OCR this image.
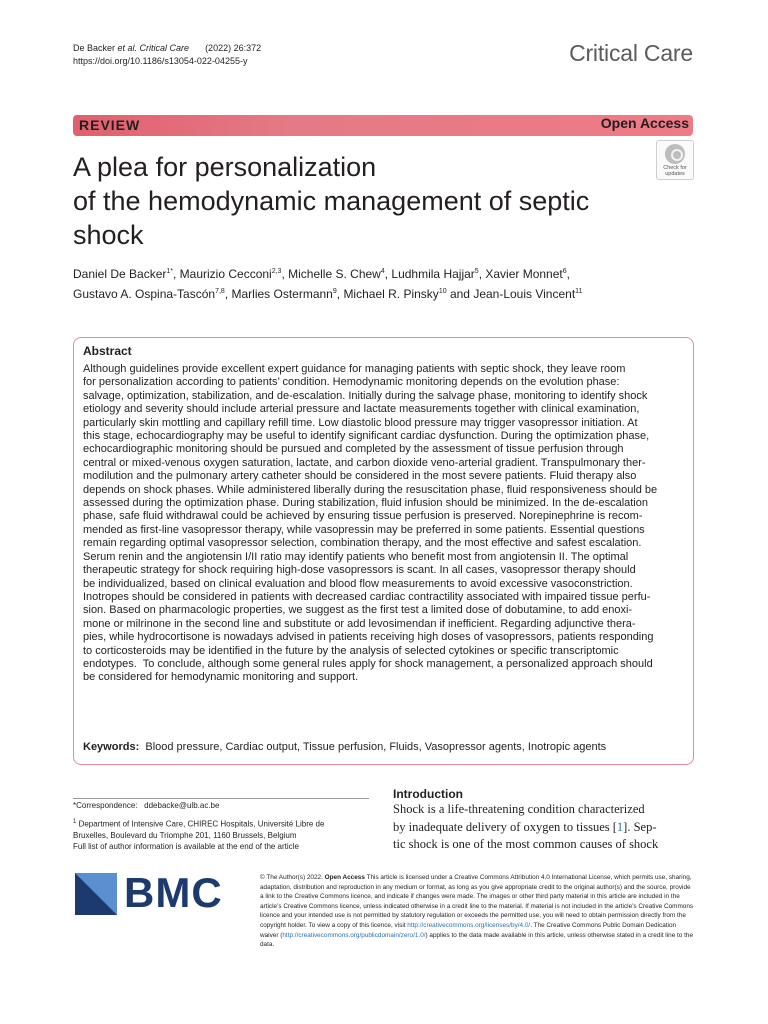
De Backer et al. Critical Care (2022) 26:372
https://doi.org/10.1186/s13054-022-04255-y	Critical Care
REVIEW	Open Access
A plea for personalization
of the hemodynamic management of septic
shock
Check for
updates
Daniel De Backer$^{1*}$, Maurizio Cecconi$^{2,3}$, Michelle S. Chew$^4$, Ludhmila Hajjar$^5$, Xavier Monnet$^6$,
Gustavo A. Ospina‑Tascón$^{7,8}$, Marlies Ostermann$^9$, Michael R. Pinsky$^{10}$ and Jean‑Louis Vincent$^{11}$
Abstract
Although guidelines provide excellent expert guidance for managing patients with septic shock, they leave room
for personalization according to patients’ condition. Hemodynamic monitoring depends on the evolution phase:
salvage, optimization, stabilization, and de‑escalation. Initially during the salvage phase, monitoring to identify shock
etiology and severity should include arterial pressure and lactate measurements together with clinical examination,
particularly skin mottling and capillary refill time. Low diastolic blood pressure may trigger vasopressor initiation. At
this stage, echocardiography may be useful to identify significant cardiac dysfunction. During the optimization phase,
echocardiographic monitoring should be pursued and completed by the assessment of tissue perfusion through
central or mixed‑venous oxygen saturation, lactate, and carbon dioxide veno‑arterial gradient. Transpulmonary ther‑
modilution and the pulmonary artery catheter should be considered in the most severe patients. Fluid therapy also
depends on shock phases. While administered liberally during the resuscitation phase, fluid responsiveness should be
assessed during the optimization phase. During stabilization, fluid infusion should be minimized. In the de‑escalation
phase, safe fluid withdrawal could be achieved by ensuring tissue perfusion is preserved. Norepinephrine is recom‑
mended as first‑line vasopressor therapy, while vasopressin may be preferred in some patients. Essential questions
remain regarding optimal vasopressor selection, combination therapy, and the most effective and safest escalation.
Serum renin and the angiotensin I/II ratio may identify patients who benefit most from angiotensin II. The optimal
therapeutic strategy for shock requiring high‑dose vasopressors is scant. In all cases, vasopressor therapy should
be individualized, based on clinical evaluation and blood flow measurements to avoid excessive vasoconstriction.
Inotropes should be considered in patients with decreased cardiac contractility associated with impaired tissue perfu‑
sion. Based on pharmacologic properties, we suggest as the first test a limited dose of dobutamine, to add enoxi‑
mone or milrinone in the second line and substitute or add levosimendan if inefficient. Regarding adjunctive thera‑
pies, while hydrocortisone is nowadays advised in patients receiving high doses of vasopressors, patients responding
to corticosteroids may be identified in the future by the analysis of selected cytokines or specific transcriptomic
endotypes.  To conclude, although some general rules apply for shock management, a personalized approach should
be considered for hemodynamic monitoring and support.
Keywords:  Blood pressure, Cardiac output, Tissue perfusion, Fluids, Vasopressor agents, Inotropic agents
*Correspondence:   ddebacke@ulb.ac.be
$^1$ Department of Intensive Care, CHIREC Hospitals, Université Libre de
Bruxelles, Boulevard du Triomphe 201, 1160 Brussels, Belgium
Full list of author information is available at the end of the article
Introduction
Shock is a life-threatening condition characterized
by inadequate delivery of oxygen to tissues [1]. Sep-
tic shock is one of the most common causes of shock
BMC	© The Author(s) 2022. Open Access This article is licensed under a Creative Commons Attribution 4.0 International License, which permits use, sharing, adaptation, distribution and reproduction in any medium or format, as long as you give appropriate credit to the original author(s) and the source, provide a link to the Creative Commons licence, and indicate if changes were made. The images or other third party material in this article are included in the article’s Creative Commons licence, unless indicated otherwise in a credit line to the material. If material is not included in the article’s Creative Commons licence and your intended use is not permitted by statutory regulation or exceeds the permitted use, you will need to obtain permission directly from the copyright holder. To view a copy of this licence, visit http://creativecommons.org/licenses/by/4.0/. The Creative Commons Public Domain Dedication waiver (http://creativecommons.org/publicdomain/zero/1.0/) applies to the data made available in this article, unless otherwise stated in a credit line to the data.
